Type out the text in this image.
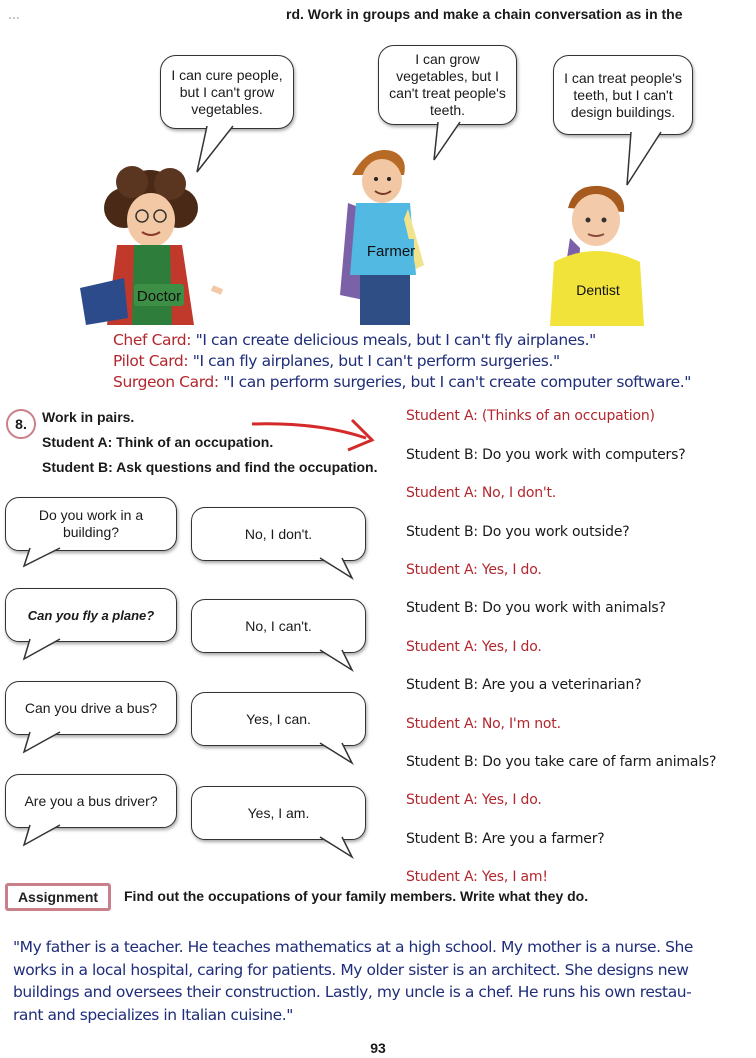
…	rd. Work in groups and make a chain conversation as in the
I can cure people, but I can't grow vegetables.
I can grow vegetables, but I can't treat people's teeth.
I can treat people's teeth, but I can't design buildings.
Doctor
Farmer
Dentist
Chef Card: "I can create delicious meals, but I can't fly airplanes."
Pilot Card: "I can fly airplanes, but I can't perform surgeries."
Surgeon Card: "I can perform surgeries, but I can't create computer software."
8. Work in pairs.
Student A: Think of an occupation.
Student B: Ask questions and find the occupation.
Do you work in a building?	No, I don't.
Can you fly a plane?
No, I can't.
Can you drive a bus?
Yes, I can.
Are you a bus driver?
Yes, I am.
Student A: (Thinks of an occupation)
Student B: Do you work with computers?
Student A: No, I don't.
Student B: Do you work outside?
Student A: Yes, I do.
Student B: Do you work with animals?
Student A: Yes, I do.
Student B: Are you a veterinarian?
Student A: No, I'm not.
Student B: Do you take care of farm animals?
Student A: Yes, I do.
Student B: Are you a farmer?
Student A: Yes, I am!
Assignment Find out the occupations of your family members. Write what they do.
"My father is a teacher. He teaches mathematics at a high school. My mother is a nurse. She
works in a local hospital, caring for patients. My older sister is an architect. She designs new
buildings and oversees their construction. Lastly, my uncle is a chef. He runs his own restau-
rant and specializes in Italian cuisine."
93
